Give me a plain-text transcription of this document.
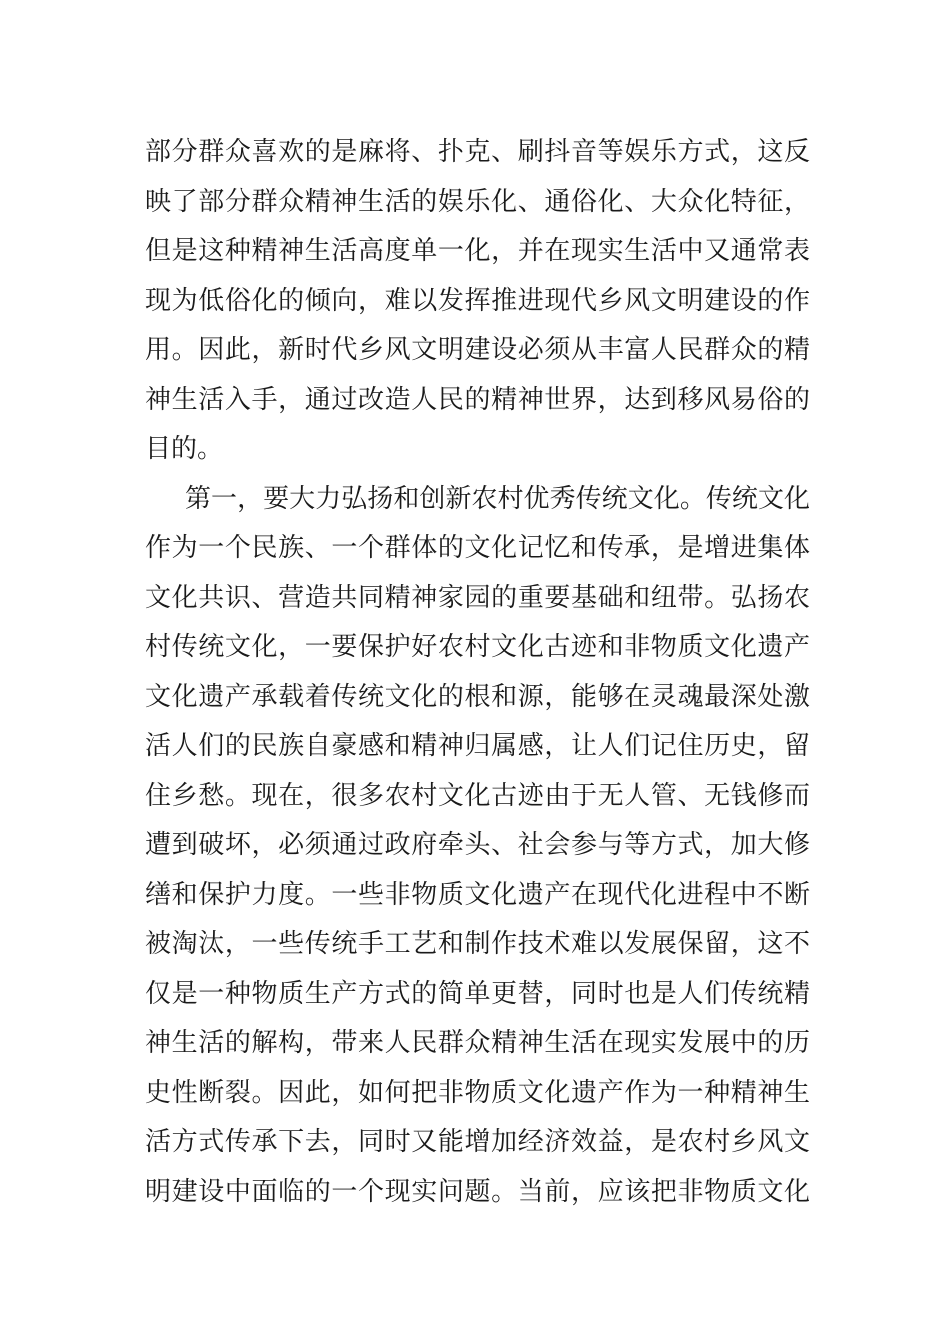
部分群众喜欢的是麻将、扑克、刷抖音等娱乐方式，这反
映了部分群众精神生活的娱乐化、通俗化、大众化特征，
但是这种精神生活高度单一化，并在现实生活中又通常表
现为低俗化的倾向，难以发挥推进现代乡风文明建设的作
用。因此，新时代乡风文明建设必须从丰富人民群众的精
神生活入手，通过改造人民的精神世界，达到移风易俗的
目的。
第一，要大力弘扬和创新农村优秀传统文化。传统文化
作为一个民族、一个群体的文化记忆和传承，是增进集体
文化共识、营造共同精神家园的重要基础和纽带。弘扬农
村传统文化，一要保护好农村文化古迹和非物质文化遗产
文化遗产承载着传统文化的根和源，能够在灵魂最深处激
活人们的民族自豪感和精神归属感，让人们记住历史，留
住乡愁。现在，很多农村文化古迹由于无人管、无钱修而
遭到破坏，必须通过政府牵头、社会参与等方式，加大修
缮和保护力度。一些非物质文化遗产在现代化进程中不断
被淘汰，一些传统手工艺和制作技术难以发展保留，这不
仅是一种物质生产方式的简单更替，同时也是人们传统精
神生活的解构，带来人民群众精神生活在现实发展中的历
史性断裂。因此，如何把非物质文化遗产作为一种精神生
活方式传承下去，同时又能增加经济效益，是农村乡风文
明建设中面临的一个现实问题。当前，应该把非物质文化
